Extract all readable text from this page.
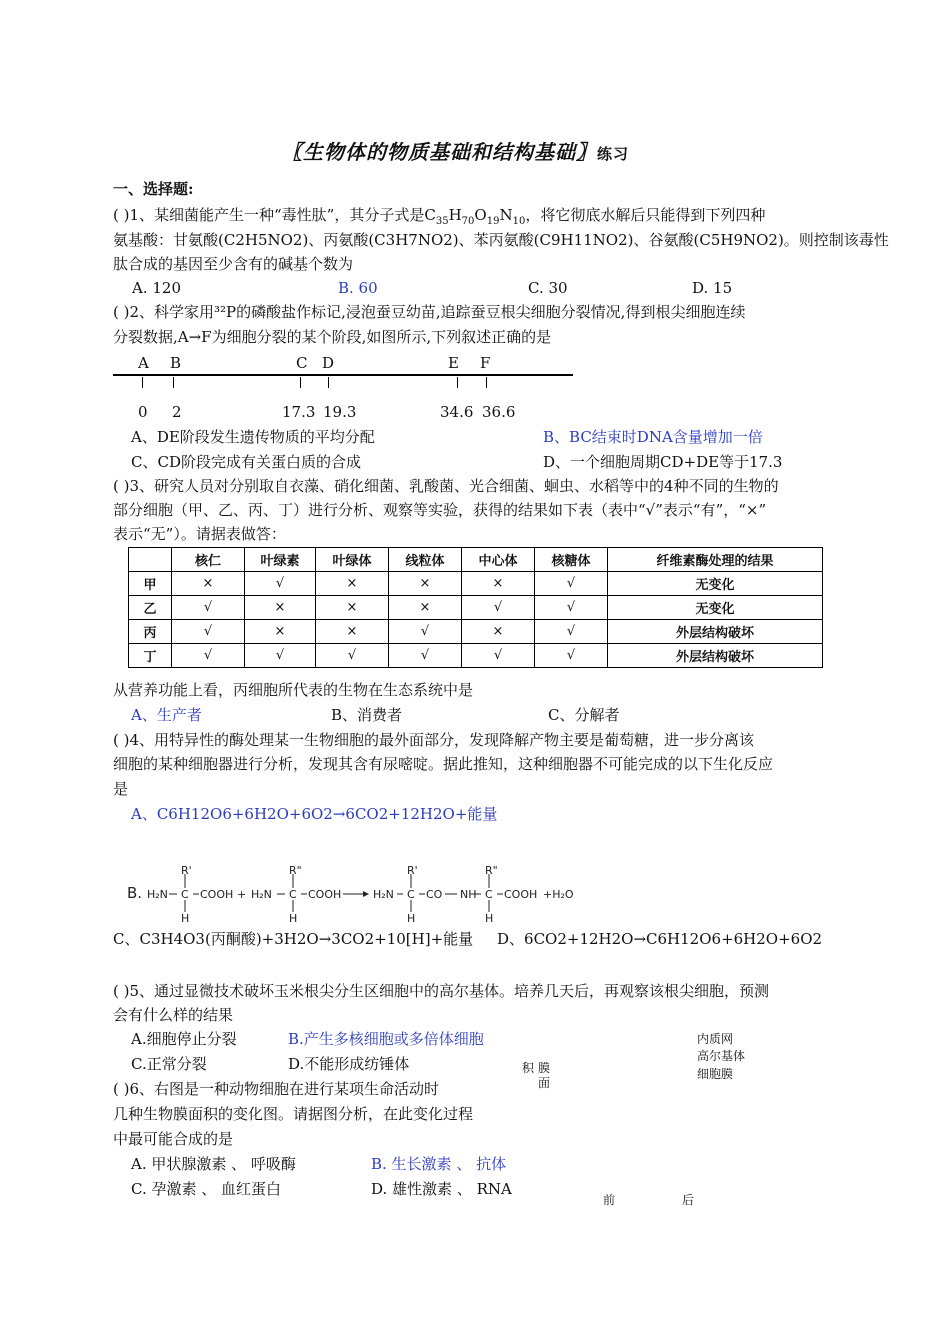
〖生物体的物质基础和结构基础〗练习
一、选择题:
( )1、某细菌能产生一种“毒性肽”，其分子式是$C_{35}H_{70}O_{19}N_{10}$，将它彻底水解后只能得到下列四种
氨基酸：甘氨酸(C2H5NO2)、丙氨酸(C3H7NO2)、苯丙氨酸(C9H11NO2)、谷氨酸(C5H9NO2)。则控制该毒性
肽合成的基因至少含有的碱基个数为
A. 120	B. 60	C. 30	D. 15
( )2、科学家用³²P的磷酸盐作标记,浸泡蚕豆幼苗,追踪蚕豆根尖细胞分裂情况,得到根尖细胞连续
分裂数据,A→F为细胞分裂的某个阶段,如图所示,下列叙述正确的是
A B	C D	E F
0 2	17.3 19.3	34.6 36.6
A、DE阶段发生遗传物质的平均分配	B、BC结束时DNA含量增加一倍
C、CD阶段完成有关蛋白质的合成	D、一个细胞周期CD+DE等于17.3
( )3、研究人员对分别取自衣藻、硝化细菌、乳酸菌、光合细菌、蛔虫、水稻等中的4种不同的生物的
部分细胞（甲、乙、丙、丁）进行分析、观察等实验，获得的结果如下表（表中“√”表示“有”，“×”
表示“无”）。请据表做答：
	核仁	叶绿素	叶绿体	线粒体	中心体	核糖体	纤维素酶处理的结果
甲	×	√	×	×	×	√	无变化
乙	√	×	×	×	√	√	无变化
丙	√	×	×	√	×	√	外层结构破坏
丁	√	√	√	√	√	√	外层结构破坏
从营养功能上看，丙细胞所代表的生物在生态系统中是
A、生产者	B、消费者	C、分解者
( )4、用特异性的酶处理某一生物细胞的最外面部分，发现降解产物主要是葡萄糖，进一步分离该
细胞的某种细胞器进行分析，发现其含有尿嘧啶。据此推知，这种细胞器不可能完成的以下生化反应
是
A、C6H12O6+6H2O+6O2→6CO2+12H2O+能量
B. H₂N C
R'
H
COOH + H₂N C
R"
H
COOH	H₂N C
R'
H
CO NH C
R"
H
COOH +H₂O
C、C3H4O3(丙酮酸)+3H2O→3CO2+10[H]+能量 D、6CO2+12H2O→C6H12O6+6H2O+6O2
( )5、通过显微技术破坏玉米根尖分生区细胞中的高尔基体。培养几天后，再观察该根尖细胞，预测
会有什么样的结果
A.细胞停止分裂	B.产生多核细胞或多倍体细胞
C.正常分裂	D.不能形成纺锤体
( )6、右图是一种动物细胞在进行某项生命活动时
几种生物膜面积的变化图。请据图分析，在此变化过程
中最可能合成的是
A. 甲状腺激素 、 呼吸酶	B. 生长激素 、 抗体
C. 孕激素 、 血红蛋白	D. 雄性激素 、 RNA
内质网
高尔基体
细胞膜
膜
面
积
前	后
